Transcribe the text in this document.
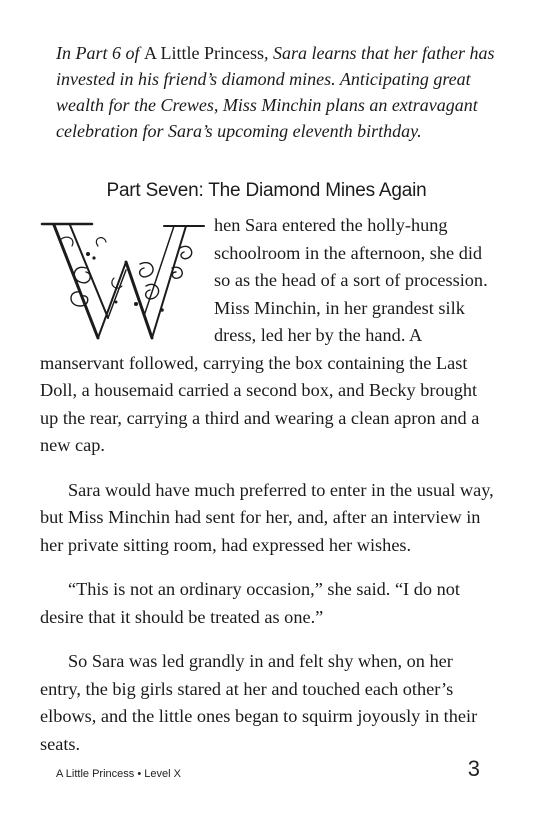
In Part 6 of A Little Princess, Sara learns that her father has invested in his friend’s diamond mines. Anticipating great wealth for the Crewes, Miss Minchin plans an extravagant celebration for Sara’s upcoming eleventh birthday.

Part Seven: The Diamond Mines Again

hen Sara entered the holly-hung schoolroom in the afternoon, she did so as the head of a sort of procession. Miss Minchin, in her grandest silk dress, led her by the hand. A manservant followed, carrying the box containing the Last Doll, a housemaid carried a second box, and Becky brought up the rear, carrying a third and wearing a clean apron and a new cap.

Sara would have much preferred to enter in the usual way, but Miss Minchin had sent for her, and, after an interview in her private sitting room, had expressed her wishes.

“This is not an ordinary occasion,” she said. “I do not desire that it should be treated as one.”

So Sara was led grandly in and felt shy when, on her entry, the big girls stared at her and touched each other’s elbows, and the little ones began to squirm joyously in their seats.

A Little Princess • Level X	3
